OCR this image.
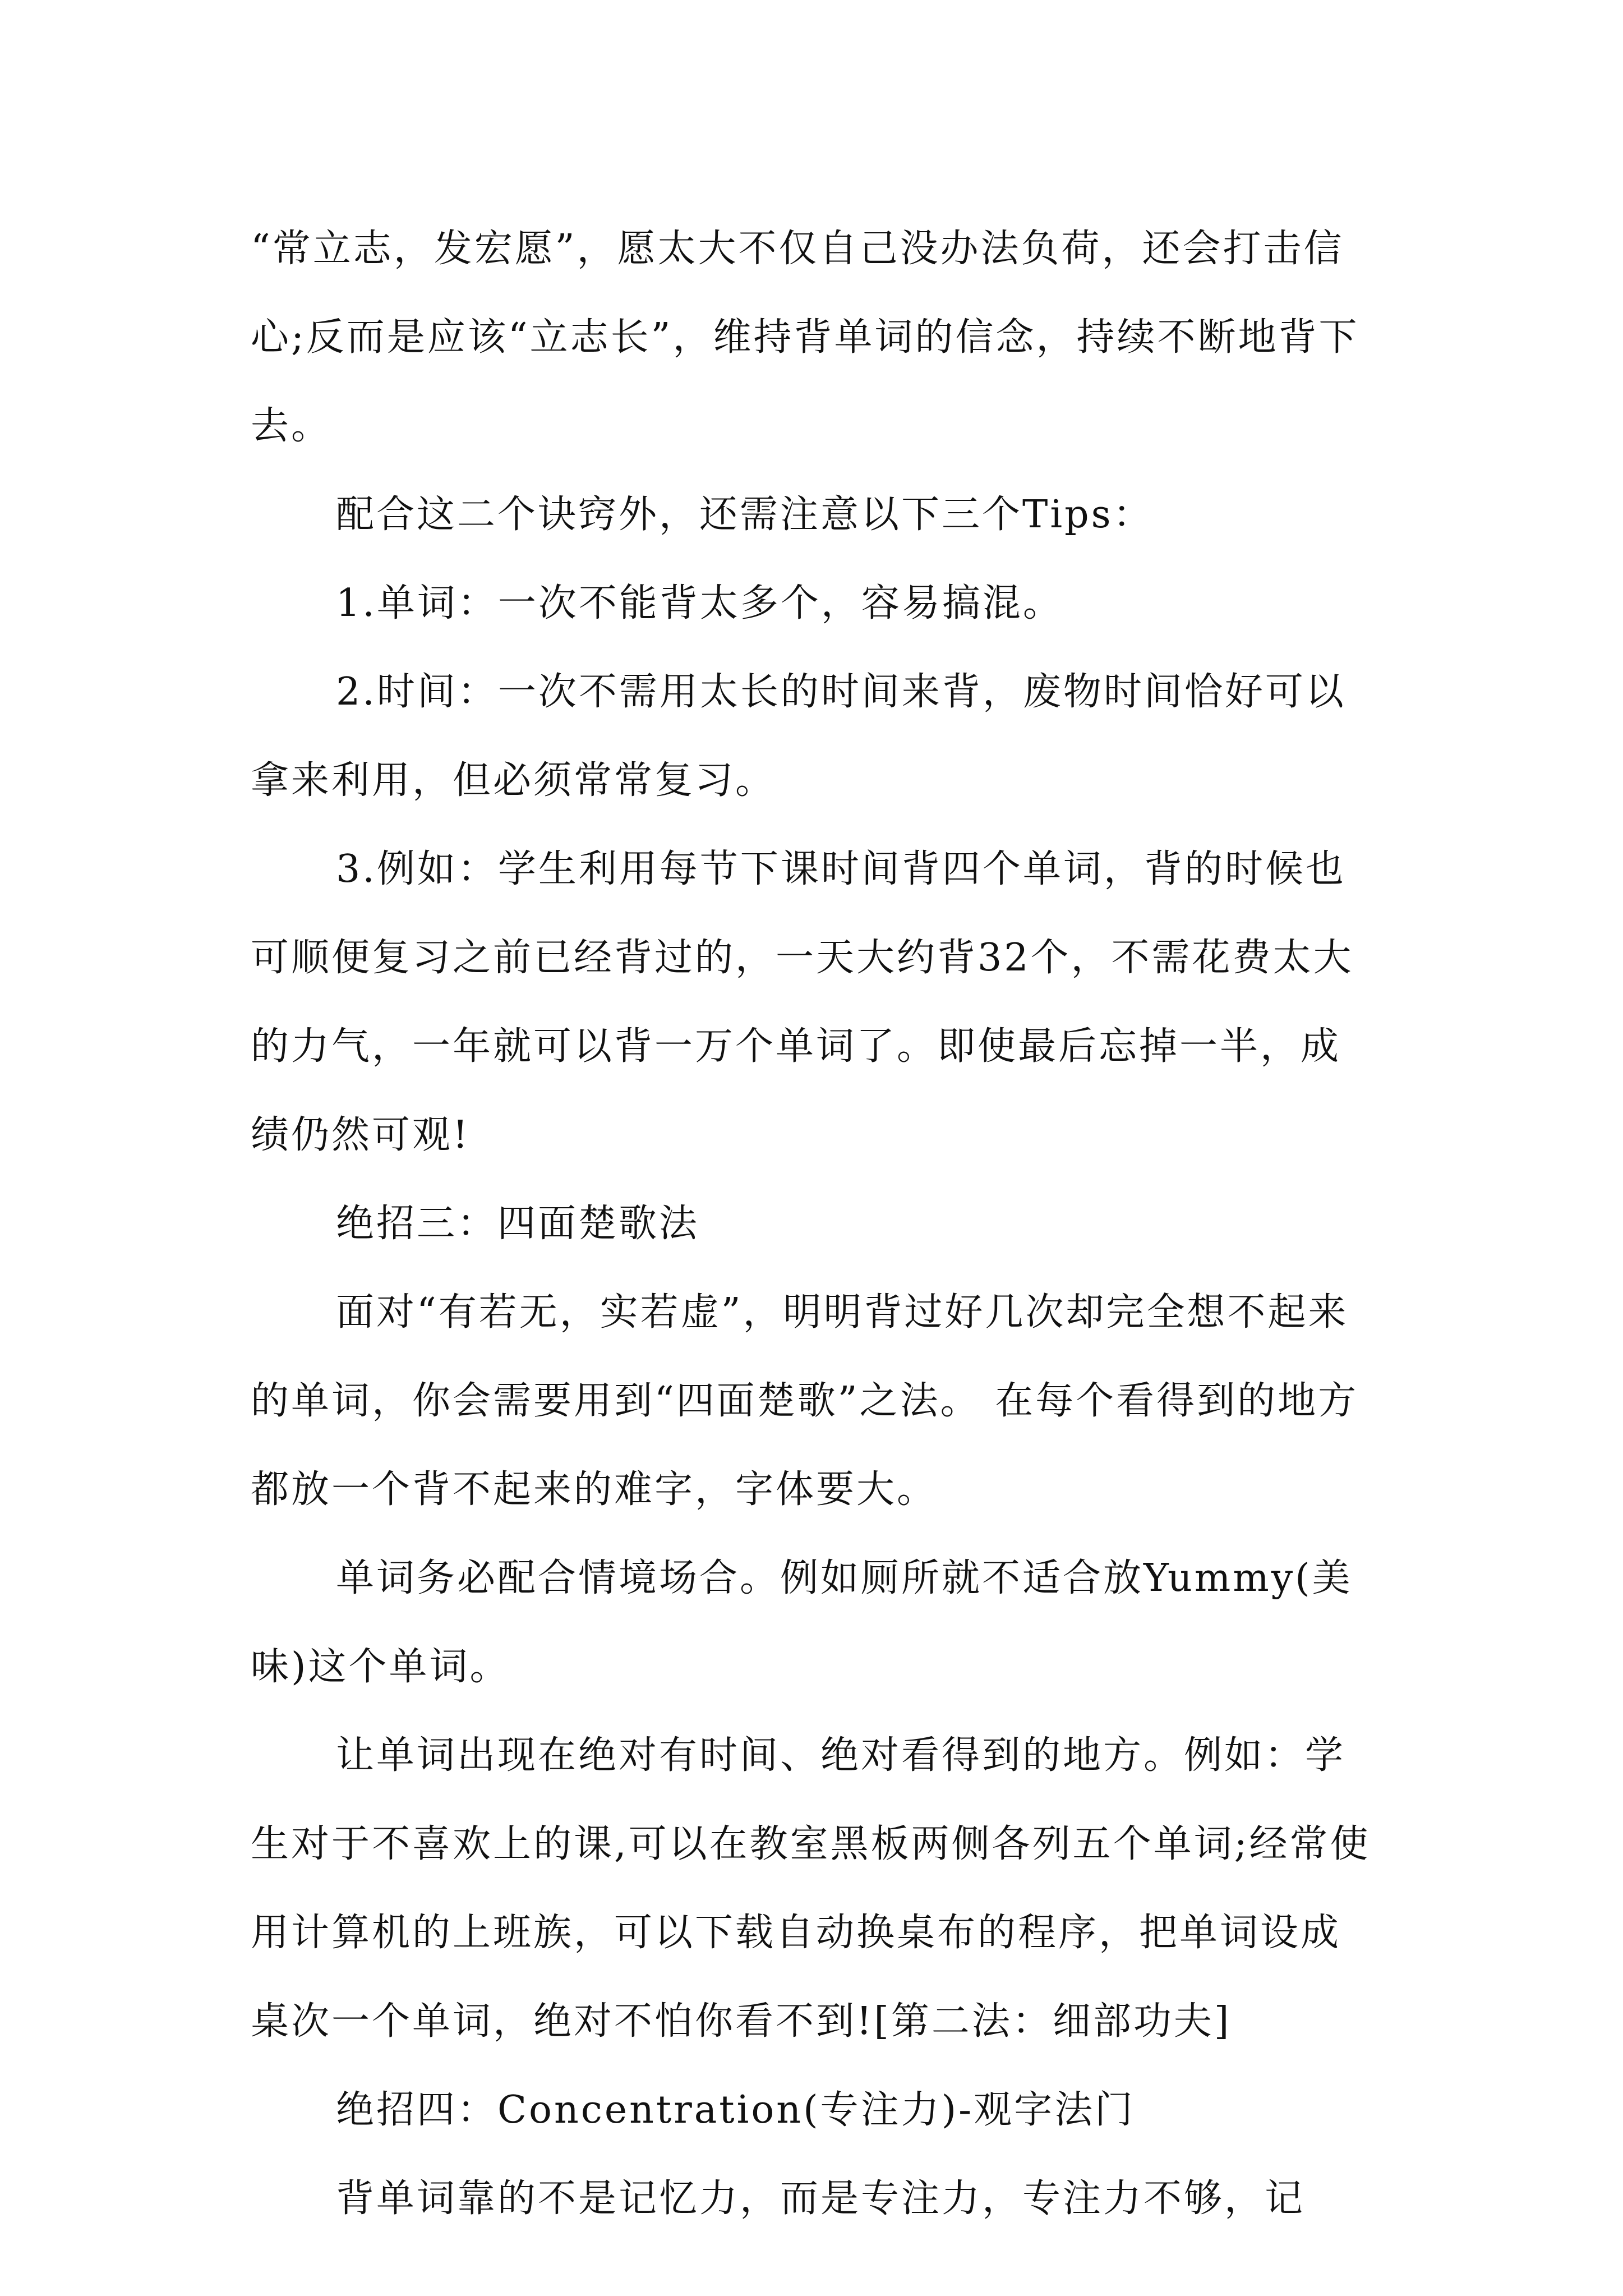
“常立志，发宏愿”，愿太大不仅自己没办法负荷，还会打击信心;反而是应该“立志长”，维持背单词的信念，持续不断地背下去。

配合这二个诀窍外，还需注意以下三个Tips：

1.单词：一次不能背太多个，容易搞混。

2.时间：一次不需用太长的时间来背，废物时间恰好可以拿来利用，但必须常常复习。

3.例如：学生利用每节下课时间背四个单词，背的时候也可顺便复习之前已经背过的，一天大约背32个，不需花费太大的力气，一年就可以背一万个单词了。即使最后忘掉一半，成绩仍然可观!

绝招三：四面楚歌法

面对“有若无，实若虚”，明明背过好几次却完全想不起来的单词，你会需要用到“四面楚歌”之法。 在每个看得到的地方都放一个背不起来的难字，字体要大。

单词务必配合情境场合。例如厕所就不适合放Yummy(美味)这个单词。

让单词出现在绝对有时间、绝对看得到的地方。例如：学生对于不喜欢上的课,可以在教室黑板两侧各列五个单词;经常使用计算机的上班族，可以下载自动换桌布的程序，把单词设成桌次一个单词，绝对不怕你看不到![第二法：细部功夫]

绝招四：Concentration(专注力)-观字法门

背单词靠的不是记忆力，而是专注力，专注力不够，记
